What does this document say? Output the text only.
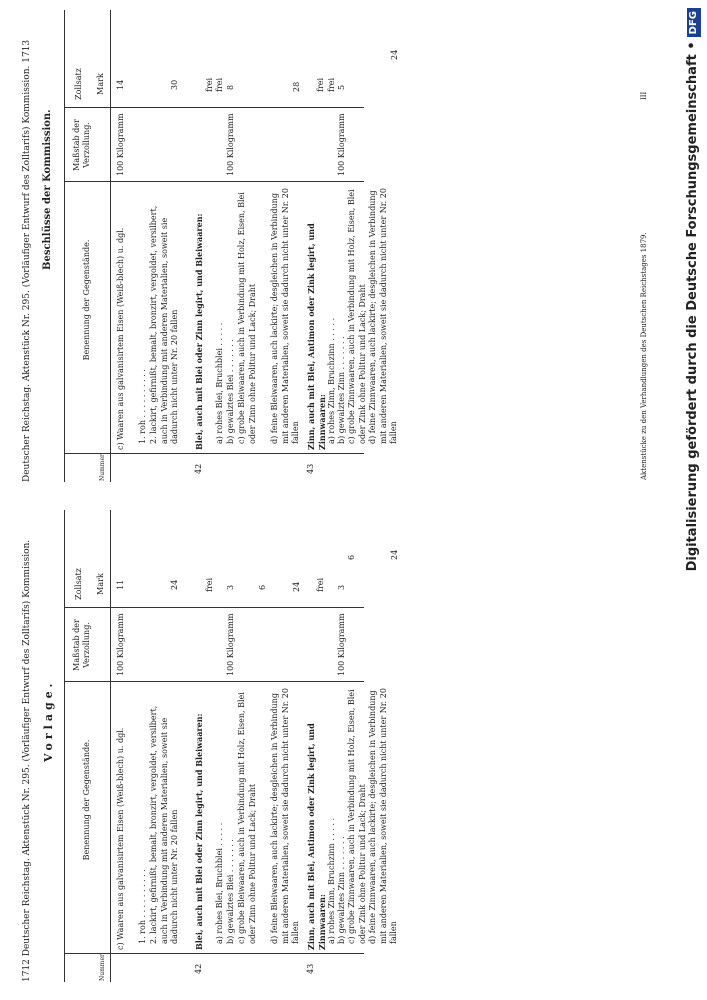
1712 Deutscher Reichstag. Aktenstück Nr. 295. (Vorläufiger Entwurf des Zolltarifs) Kommission.
Deutscher Reichstag. Aktenstück Nr. 295. (Vorläufiger Entwurf des Zolltarifs) Kommission. 1713
Vorlage.
Nummer
Benennung der Gegenstände.
Maßstab der Verzollung.
Zollsatz Mark
c) Waaren aus galvanisirtem Eisen (Weiß-blech) u. dgl.
100 Kilogramm
11
1. roh . . . . . . . . . . 2. lackirt, gefirnißt, bemalt, bronzirt, vergoldet, versilbert, auch in Verbindung mit anderen Materialien, soweit sie dadurch nicht unter Nr. 20 fallen
24
42
Blei, auch mit Blei oder Zinn legirt, und Bleiwaaren:
frei
a) rohes Blei, Bruchblei . . . . . b) gewalztes Blei . . . . . . .
100 Kilogramm
3
c) grobe Bleiwaaren, auch in Verbindung mit Holz, Eisen, Blei oder Zinn ohne Politur und Lack; Draht
6
d) feine Bleiwaaren, auch lackirte; desgleichen in Verbindung mit anderen Materialien, soweit sie dadurch nicht unter Nr. 20 fallen
24
43
Zinn, auch mit Blei, Antimon oder Zink legirt, und Zinnwaaren:
frei
a) rohes Zinn, Bruchzinn . . . . . b) gewalztes Zinn . . . . . . .
100 Kilogramm
3
c) grobe Zinnwaaren, auch in Verbindung mit Holz, Eisen, Blei oder Zink ohne Politur und Lack; Draht
6
d) feine Zinnwaaren, auch lackirte; desgleichen in Verbindung mit anderen Materialien, soweit sie dadurch nicht unter Nr. 20 fallen
24
Beschlüsse der Kommission.
Nummer
Benennung der Gegenstände.
Maßstab der Verzollung.
Zollsatz Mark
c) Waaren aus galvanisirtem Eisen (Weiß-blech) u. dgl.
100 Kilogramm
14
1. roh . . . . . . . . . . 2. lackirt, gefirnißt, bemalt, bronzirt, vergoldet, versilbert, auch in Verbindung mit anderen Materialien, soweit sie dadurch nicht unter Nr. 20 fallen
30
42
Blei, auch mit Blei oder Zinn legirt, und Bleiwaaren:
frei
a) rohes Blei, Bruchblei . . . . .
frei
b) gewalztes Blei . . . . . . .
100 Kilogramm
8
c) grobe Bleiwaaren, auch in Verbindung mit Holz, Eisen, Blei oder Zinn ohne Politur und Lack; Draht d) feine Bleiwaaren, auch lackirte; desgleichen in Verbindung mit anderen Materialien, soweit sie dadurch nicht unter Nr. 20 fallen
28
43
Zinn, auch mit Blei, Antimon oder Zink legirt, und Zinnwaaren:
frei
a) rohes Zinn, Bruchzinn . . . . .
frei
b) gewalztes Zinn . . . . . . .
100 Kilogramm
5
c) grobe Zinnwaaren, auch in Verbindung mit Holz, Eisen, Blei oder Zink ohne Politur und Lack; Draht d) feine Zinnwaaren, auch lackirte; desgleichen in Verbindung mit anderen Materialien, soweit sie dadurch nicht unter Nr. 20 fallen
24
Aktenstücke zu den Verhandlungen des Deutschen Reichstages 1879.
III	Digitalisierung gefördert durch die Deutsche Forschungsgemeinschaft •DFG
